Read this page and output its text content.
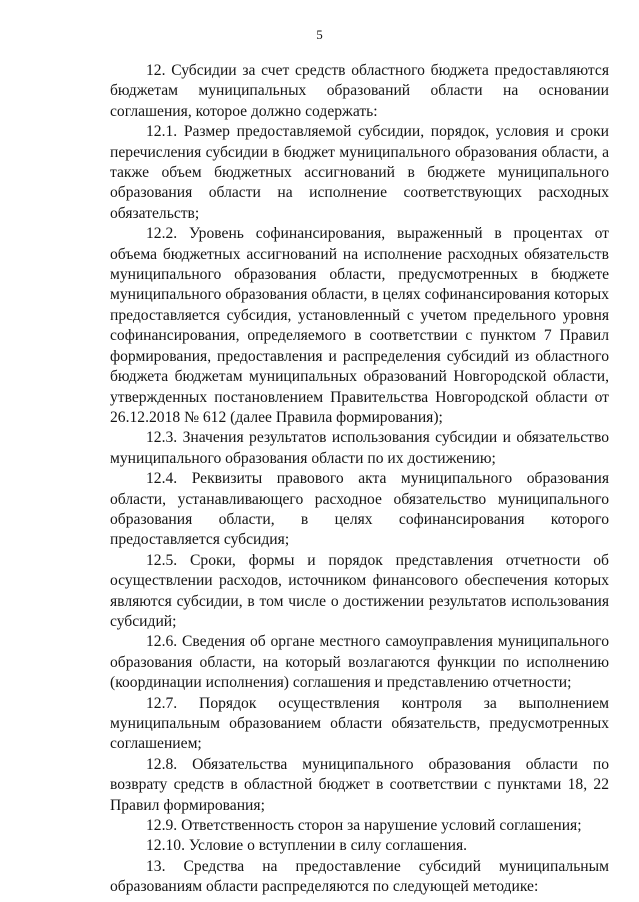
5

12. Субсидии за счет средств областного бюджета предоставляются бюджетам муниципальных образований области на основании соглашения, которое должно содержать:

12.1. Размер предоставляемой субсидии, порядок, условия и сроки перечисления субсидии в бюджет муниципального образования области, а также объем бюджетных ассигнований в бюджете муниципального образования области на исполнение соответствующих расходных обязательств;

12.2. Уровень софинансирования, выраженный в процентах от объема бюджетных ассигнований на исполнение расходных обязательств муниципального образования области, предусмотренных в бюджете муниципального образования области, в целях софинансирования которых предоставляется субсидия, установленный с учетом предельного уровня софинансирования, определяемого в соответствии с пунктом 7 Правил формирования, предоставления и распределения субсидий из областного бюджета бюджетам муниципальных образований Новгородской области, утвержденных постановлением Правительства Новгородской области от 26.12.2018 № 612 (далее Правила формирования);

12.3. Значения результатов использования субсидии и обязательство муниципального образования области по их достижению;

12.4. Реквизиты правового акта муниципального образования области, устанавливающего расходное обязательство муниципального образования области, в целях софинансирования которого предоставляется субсидия;

12.5. Сроки, формы и порядок представления отчетности об осуществлении расходов, источником финансового обеспечения которых являются субсидии, в том числе о достижении результатов использования субсидий;

12.6. Сведения об органе местного самоуправления муниципального образования области, на который возлагаются функции по исполнению (координации исполнения) соглашения и представлению отчетности;

12.7. Порядок осуществления контроля за выполнением муниципальным образованием области обязательств, предусмотренных соглашением;

12.8. Обязательства муниципального образования области по возврату средств в областной бюджет в соответствии с пунктами 18, 22 Правил формирования;

12.9. Ответственность сторон за нарушение условий соглашения;

12.10. Условие о вступлении в силу соглашения.

13. Средства на предоставление субсидий муниципальным образованиям области распределяются по следующей методике:
